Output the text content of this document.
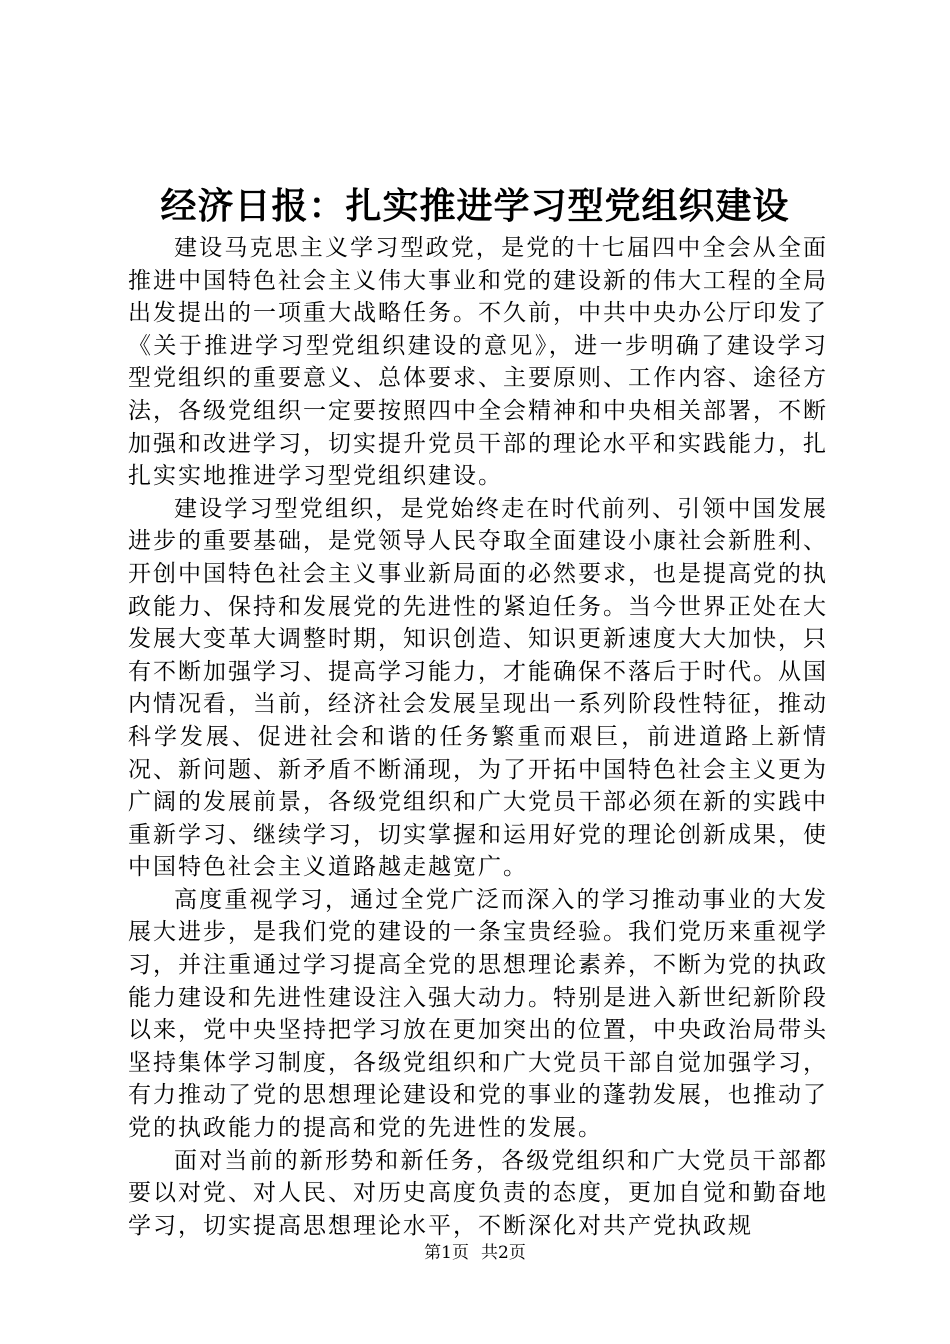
经济日报：扎实推进学习型党组织建设

建设马克思主义学习型政党，是党的十七届四中全会从全面推进中国特色社会主义伟大事业和党的建设新的伟大工程的全局出发提出的一项重大战略任务。不久前，中共中央办公厅印发了《关于推进学习型党组织建设的意见》，进一步明确了建设学习型党组织的重要意义、总体要求、主要原则、工作内容、途径方法，各级党组织一定要按照四中全会精神和中央相关部署，不断加强和改进学习，切实提升党员干部的理论水平和实践能力，扎扎实实地推进学习型党组织建设。

建设学习型党组织，是党始终走在时代前列、引领中国发展进步的重要基础，是党领导人民夺取全面建设小康社会新胜利、开创中国特色社会主义事业新局面的必然要求，也是提高党的执政能力、保持和发展党的先进性的紧迫任务。当今世界正处在大发展大变革大调整时期，知识创造、知识更新速度大大加快，只有不断加强学习、提高学习能力，才能确保不落后于时代。从国内情况看，当前，经济社会发展呈现出一系列阶段性特征，推动科学发展、促进社会和谐的任务繁重而艰巨，前进道路上新情况、新问题、新矛盾不断涌现，为了开拓中国特色社会主义更为广阔的发展前景，各级党组织和广大党员干部必须在新的实践中重新学习、继续学习，切实掌握和运用好党的理论创新成果，使中国特色社会主义道路越走越宽广。

高度重视学习，通过全党广泛而深入的学习推动事业的大发展大进步，是我们党的建设的一条宝贵经验。我们党历来重视学习，并注重通过学习提高全党的思想理论素养，不断为党的执政能力建设和先进性建设注入强大动力。特别是进入新世纪新阶段以来，党中央坚持把学习放在更加突出的位置，中央政治局带头坚持集体学习制度，各级党组织和广大党员干部自觉加强学习，有力推动了党的思想理论建设和党的事业的蓬勃发展，也推动了党的执政能力的提高和党的先进性的发展。

面对当前的新形势和新任务，各级党组织和广大党员干部都要以对党、对人民、对历史高度负责的态度，更加自觉和勤奋地学习，切实提高思想理论水平，不断深化对共产党执政规

第1页 共2页
